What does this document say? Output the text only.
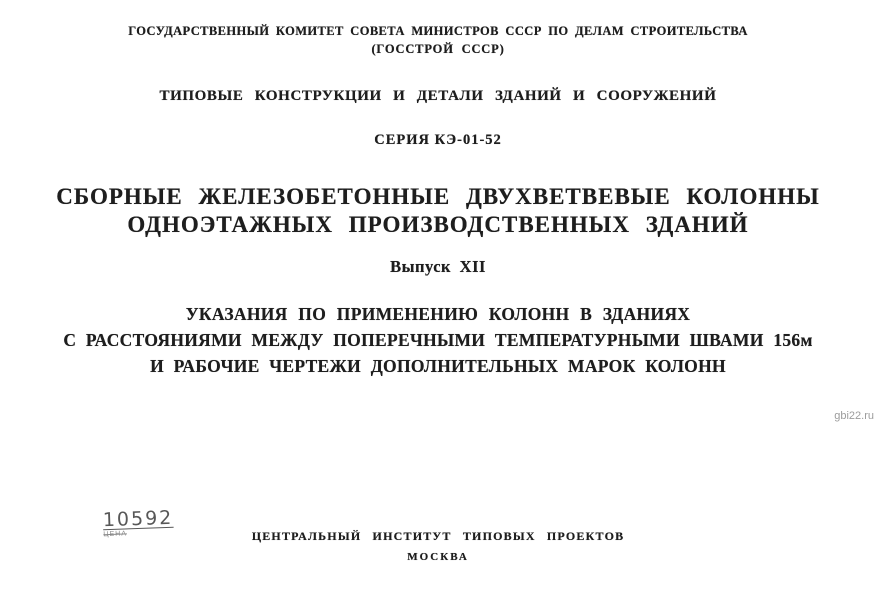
ГОСУДАРСТВЕННЫЙ КОМИТЕТ СОВЕТА МИНИСТРОВ СССР ПО ДЕЛАМ СТРОИТЕЛЬСТВА
(ГОССТРОЙ СССР)
ТИПОВЫЕ КОНСТРУКЦИИ И ДЕТАЛИ ЗДАНИЙ И СООРУЖЕНИЙ
СЕРИЯ КЭ-01-52
СБОРНЫЕ ЖЕЛЕЗОБЕТОННЫЕ ДВУХВЕТВЕВЫЕ КОЛОННЫ
ОДНОЭТАЖНЫХ ПРОИЗВОДСТВЕННЫХ ЗДАНИЙ
Выпуск XII
УКАЗАНИЯ ПО ПРИМЕНЕНИЮ КОЛОНН В ЗДАНИЯХ
С РАССТОЯНИЯМИ МЕЖДУ ПОПЕРЕЧНЫМИ ТЕМПЕРАТУРНЫМИ ШВАМИ 156м
И РАБОЧИЕ ЧЕРТЕЖИ ДОПОЛНИТЕЛЬНЫХ МАРОК КОЛОНН
gbi22.ru
10592
ЦЕНА	ЦЕНТРАЛЬНЫЙ ИНСТИТУТ ТИПОВЫХ ПРОЕКТОВ
МОСКВА
